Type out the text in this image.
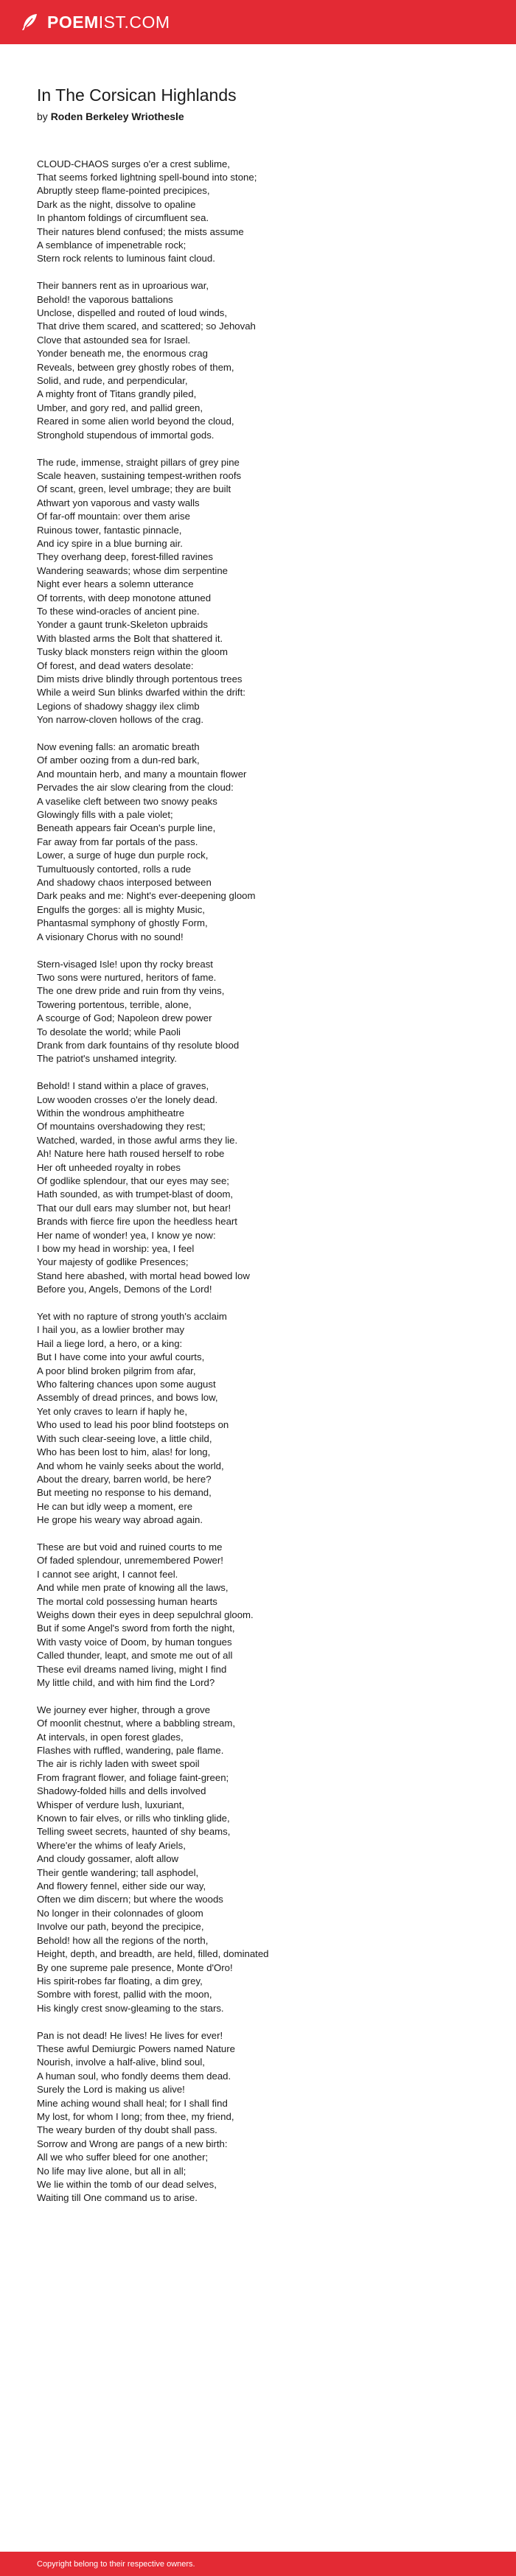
POEMIST.COM
In The Corsican Highlands
by Roden Berkeley Wriothesle
CLOUD-CHAOS surges o'er a crest sublime,
That seems forked lightning spell-bound into stone;
Abruptly steep flame-pointed precipices,
Dark as the night, dissolve to opaline
In phantom foldings of circumfluent sea.
Their natures blend confused; the mists assume
A semblance of impenetrable rock;
Stern rock relents to luminous faint cloud.
Their banners rent as in uproarious war,
Behold! the vaporous battalions
Unclose, dispelled and routed of loud winds,
That drive them scared, and scattered; so Jehovah
Clove that astounded sea for Israel.
Yonder beneath me, the enormous crag
Reveals, between grey ghostly robes of them,
Solid, and rude, and perpendicular,
A mighty front of Titans grandly piled,
Umber, and gory red, and pallid green,
Reared in some alien world beyond the cloud,
Stronghold stupendous of immortal gods.
The rude, immense, straight pillars of grey pine
Scale heaven, sustaining tempest-writhen roofs
Of scant, green, level umbrage; they are built
Athwart yon vaporous and vasty walls
Of far-off mountain: over them arise
Ruinous tower, fantastic pinnacle,
And icy spire in a blue burning air.
They overhang deep, forest-filled ravines
Wandering seawards; whose dim serpentine
Night ever hears a solemn utterance
Of torrents, with deep monotone attuned
To these wind-oracles of ancient pine.
Yonder a gaunt trunk-Skeleton upbraids
With blasted arms the Bolt that shattered it.
Tusky black monsters reign within the gloom
Of forest, and dead waters desolate:
Dim mists drive blindly through portentous trees
While a weird Sun blinks dwarfed within the drift:
Legions of shadowy shaggy ilex climb
Yon narrow-cloven hollows of the crag.
Now evening falls: an aromatic breath
Of amber oozing from a dun-red bark,
And mountain herb, and many a mountain flower
Pervades the air slow clearing from the cloud:
A vaselike cleft between two snowy peaks
Glowingly fills with a pale violet;
Beneath appears fair Ocean's purple line,
Far away from far portals of the pass.
Lower, a surge of huge dun purple rock,
Tumultuously contorted, rolls a rude
And shadowy chaos interposed between
Dark peaks and me: Night's ever-deepening gloom
Engulfs the gorges: all is mighty Music,
Phantasmal symphony of ghostly Form,
A visionary Chorus with no sound!
Stern-visaged Isle! upon thy rocky breast
Two sons were nurtured, heritors of fame.
The one drew pride and ruin from thy veins,
Towering portentous, terrible, alone,
A scourge of God; Napoleon drew power
To desolate the world; while Paoli
Drank from dark fountains of thy resolute blood
The patriot's unshamed integrity.
Behold! I stand within a place of graves,
Low wooden crosses o'er the lonely dead.
Within the wondrous amphitheatre
Of mountains overshadowing they rest;
Watched, warded, in those awful arms they lie.
Ah! Nature here hath roused herself to robe
Her oft unheeded royalty in robes
Of godlike splendour, that our eyes may see;
Hath sounded, as with trumpet-blast of doom,
That our dull ears may slumber not, but hear!
Brands with fierce fire upon the heedless heart
Her name of wonder! yea, I know ye now:
I bow my head in worship: yea, I feel
Your majesty of godlike Presences;
Stand here abashed, with mortal head bowed low
Before you, Angels, Demons of the Lord!
Yet with no rapture of strong youth's acclaim
I hail you, as a lowlier brother may
Hail a liege lord, a hero, or a king:
But I have come into your awful courts,
A poor blind broken pilgrim from afar,
Who faltering chances upon some august
Assembly of dread princes, and bows low,
Yet only craves to learn if haply he,
Who used to lead his poor blind footsteps on
With such clear-seeing love, a little child,
Who has been lost to him, alas! for long,
And whom he vainly seeks about the world,
About the dreary, barren world, be here?
But meeting no response to his demand,
He can but idly weep a moment, ere
He grope his weary way abroad again.
These are but void and ruined courts to me
Of faded splendour, unremembered Power!
I cannot see aright, I cannot feel.
And while men prate of knowing all the laws,
The mortal cold possessing human hearts
Weighs down their eyes in deep sepulchral gloom.
But if some Angel's sword from forth the night,
With vasty voice of Doom, by human tongues
Called thunder, leapt, and smote me out of all
These evil dreams named living, might I find
My little child, and with him find the Lord?
We journey ever higher, through a grove
Of moonlit chestnut, where a babbling stream,
At intervals, in open forest glades,
Flashes with ruffled, wandering, pale flame.
The air is richly laden with sweet spoil
From fragrant flower, and foliage faint-green;
Shadowy-folded hills and dells involved
Whisper of verdure lush, luxuriant,
Known to fair elves, or rills who tinkling glide,
Telling sweet secrets, haunted of shy beams,
Where'er the whims of leafy Ariels,
And cloudy gossamer, aloft allow
Their gentle wandering; tall asphodel,
And flowery fennel, either side our way,
Often we dim discern; but where the woods
No longer in their colonnades of gloom
Involve our path, beyond the precipice,
Behold! how all the regions of the north,
Height, depth, and breadth, are held, filled, dominated
By one supreme pale presence, Monte d'Oro!
His spirit-robes far floating, a dim grey,
Sombre with forest, pallid with the moon,
His kingly crest snow-gleaming to the stars.
Pan is not dead! He lives! He lives for ever!
These awful Demiurgic Powers named Nature
Nourish, involve a half-alive, blind soul,
A human soul, who fondly deems them dead.
Surely the Lord is making us alive!
Mine aching wound shall heal; for I shall find
My lost, for whom I long; from thee, my friend,
The weary burden of thy doubt shall pass.
Sorrow and Wrong are pangs of a new birth:
All we who suffer bleed for one another;
No life may live alone, but all in all;
We lie within the tomb of our dead selves,
Waiting till One command us to arise.
Copyright belong to their respective owners.
